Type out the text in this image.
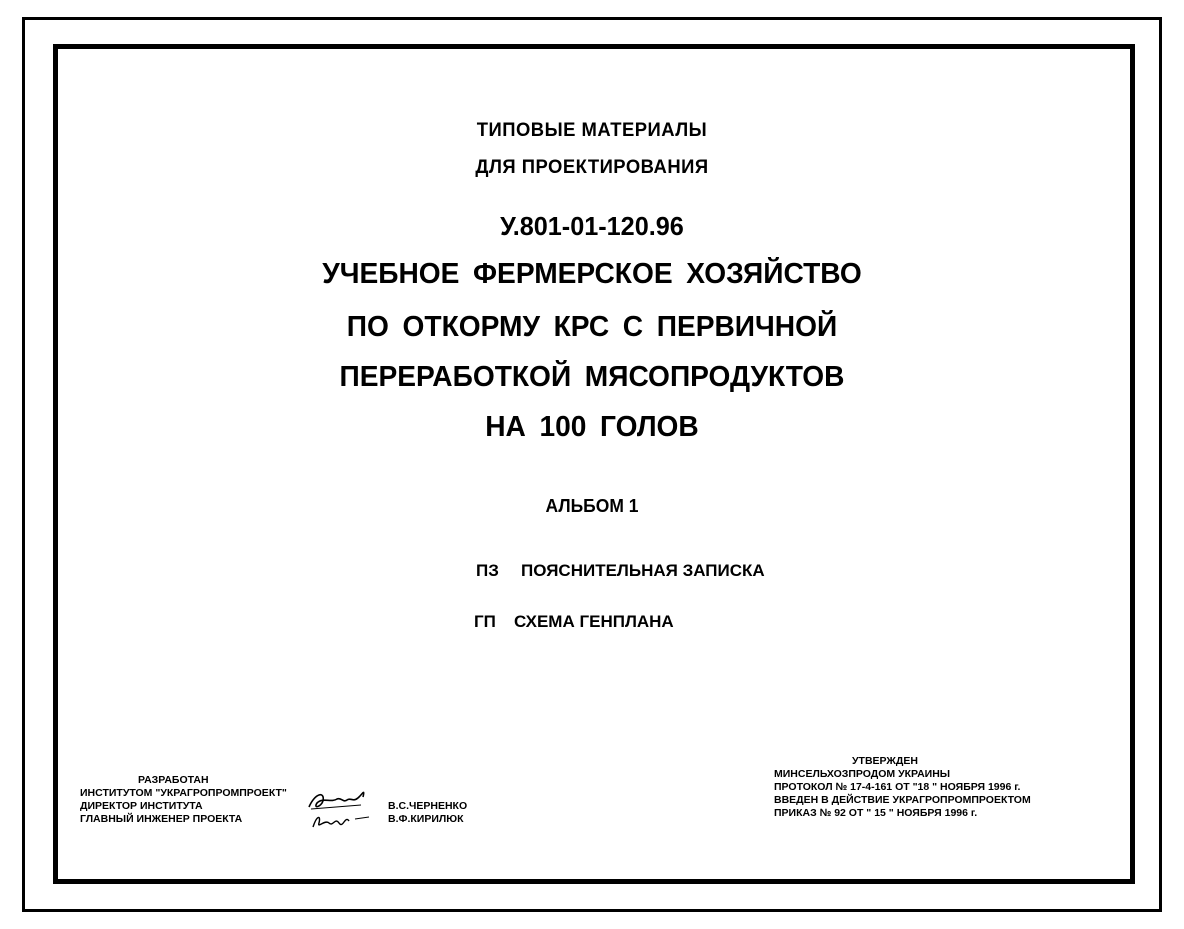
ТИПОВЫЕ МАТЕРИАЛЫ
ДЛЯ ПРОЕКТИРОВАНИЯ
У.801-01-120.96
УЧЕБНОЕ ФЕРМЕРСКОЕ ХОЗЯЙСТВО
ПО ОТКОРМУ КРС С ПЕРВИЧНОЙ
ПЕРЕРАБОТКОЙ МЯСОПРОДУКТОВ
НА 100 ГОЛОВ
АЛЬБОМ 1
ПЗ ПОЯСНИТЕЛЬНАЯ ЗАПИСКА
ГП СХЕМА ГЕНПЛАНА
РАЗРАБОТАН
ИНСТИТУТОМ "УКРАГРОПРОМПРОЕКТ"
ДИРЕКТОР ИНСТИТУТА
ГЛАВНЫЙ ИНЖЕНЕР ПРОЕКТА
В.С.ЧЕРНЕНКО
В.Ф.КИРИЛЮК
УТВЕРЖДЕН
МИНСЕЛЬХОЗПРОДОМ УКРАИНЫ
ПРОТОКОЛ № 17-4-161 ОТ "18 " НОЯБРЯ 1996 г.
ВВЕДЕН В ДЕЙСТВИЕ УКРАГРОПРОМПРОЕКТОМ
ПРИКАЗ № 92 ОТ " 15 " НОЯБРЯ 1996 г.
